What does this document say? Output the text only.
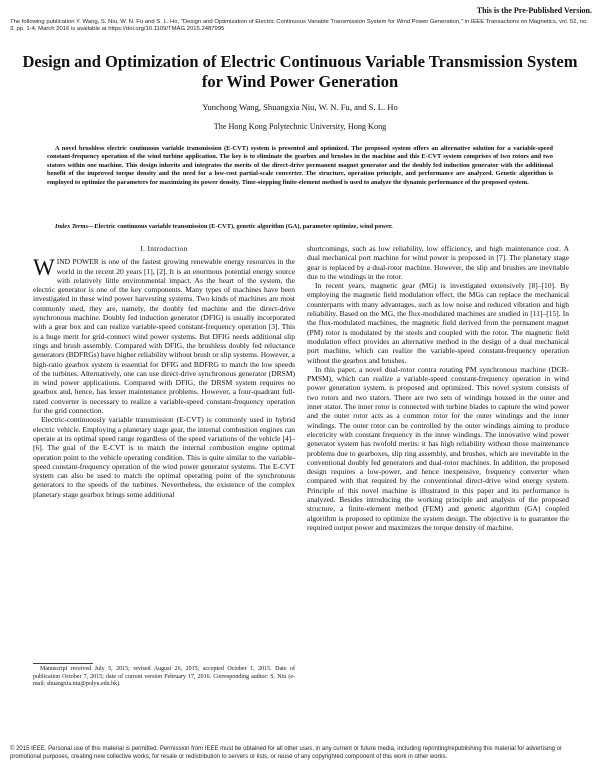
This is the Pre-Published Version.
The following publication Y. Wang, S. Niu, W. N. Fu and S. L. Ho, "Design and Optimization of Electric Continuous Variable Transmission System for Wind Power Generation," in IEEE Transactions on Magnetics, vol. 52, no. 3, pp. 1-4, March 2016 is available at https://doi.org/10.1109/TMAG.2015.2487995
Design and Optimization of Electric Continuous Variable Transmission System for Wind Power Generation
Yunchong Wang, Shuangxia Niu, W. N. Fu, and S. L. Ho
The Hong Kong Polytechnic University, Hong Kong
A novel brushless electric continuous variable transmission (E-CVT) system is presented and optimized. The proposed system offers an alternative solution for a variable-speed constant-frequency operation of the wind turbine application. The key is to eliminate the gearbox and brushes in the machine and this E-CVT system comprises of two rotors and two stators within one machine. This design inherits and integrates the merits of the direct-drive permanent magnet generator and the doubly fed induction generator with the additional benefit of the improved torque density and the need for a low-cost partial-scale converter. The structure, operation principle, and performance are analyzed. Genetic algorithm is employed to optimize the parameters for maximizing its power density. Time-stepping finite-element method is used to analyze the dynamic performance of the proposed system.
Index Terms—Electric continuous variable transmission (E-CVT), genetic algorithm (GA), parameter optimize, wind power.
I. Introduction

WIND POWER is one of the fastest growing renewable energy resources in the world in the recent 20 years [1], [2]. It is an enormous potential energy source with relatively little environmental impact. As the heart of the system, the electric generator is one of the key components. Many types of machines have been investigated in these wind power harvesting systems. Two kinds of machines are most commonly used, they are, namely, the doubly fed machine and the direct-drive synchronous machine. Doubly fed induction generator (DFIG) is usually incorporated with a gear box and can realize variable-speed constant-frequency operation [3]. This is a huge merit for grid-connect wind power systems. But DFIG needs additional slip rings and brush assembly. Compared with DFIG, the brushless doubly fed reluctance generators (BDFRGs) have higher reliability without brush or slip systems. However, a high-ratio gearbox system is essential for DFIG and BDFRG to match the low speeds of the turbines. Alternatively, one can use direct-drive synchronous generator (DRSM) in wind power applications. Compared with DFIG, the DRSM system requires no gearbox and, hence, has lesser maintenance problems. However, a four-quadrant full-rated converter is necessary to realize a variable-speed constant-frequency operation for the grid connection.

Electric-continuously variable transmission (E-CVT) is commonly used in hybrid electric vehicle. Employing a planetary stage gear, the internal combustion engines can operate at its optimal speed range regardless of the speed variations of the vehicle [4]–[6]. The goal of the E-CVT is to match the internal combustion engine optimal operation point to the vehicle operating condition. This is quite similar to the variable-speed constant-frequency operation of the wind power generator systems. The E-CVT system can also be used to match the optimal operating point of the synchronous generators to the speeds of the turbines. Nevertheless, the existence of the complex planetary stage gearbox brings some additional

Manuscript received July 5, 2015; revised August 26, 2015; accepted October 1, 2015. Date of publication October 7, 2015; date of current version February 17, 2016. Corresponding author: S. Niu (e-mail: shuangxia.niu@polyu.edu.hk).

shortcomings, such as low reliability, low efficiency, and high maintenance cost. A dual mechanical port machine for wind power is proposed in [7]. The planetary stage gear is replaced by a dual-rotor machine. However, the slip and brushes are inevitable due to the windings in the rotor.

In recent years, magnetic gear (MG) is investigated extensively [8]–[10]. By employing the magnetic field modulation effect, the MGs can replace the mechanical counterparts with many advantages, such as low noise and reduced vibration and high reliability. Based on the MG, the flux-modulated machines are studied in [11]–[15]. In the flux-modulated machines, the magnetic field derived from the permanent magnet (PM) rotor is modulated by the steels and coupled with the rotor. The magnetic field modulation effect provides an alternative method in the design of a dual mechanical port machine, which can realize the variable-speed constant-frequency operation without the gearbox and brushes.

In this paper, a novel dual-rotor contra rotating PM synchronous machine (DCR-PMSM), which can realize a variable-speed constant-frequency operation in wind power generation system, is proposed and optimized. This novel system consists of two rotors and two stators. There are two sets of windings housed in the outer and inner stator. The inner rotor is connected with turbine blades to capture the wind power and the outer rotor acts as a common rotor for the outer windings and the inner windings. The outer rotor can be controlled by the outer windings aiming to produce electricity with constant frequency in the inner windings. The innovative wind power generator system has twofold merits: it has high reliability without those maintenance problems due to gearboxes, slip ring assembly, and brushes, which are inevitable in the conventional doubly fed generators and dual-rotor machines. In addition, the proposed design requires a low-power, and hence inexpensive, frequency converter when compared with that required by the conventional direct-drive wind energy system. Principle of this novel machine is illustrated in this paper and its performance is analyzed. Besides introducing the working principle and analysis of the proposed structure, a finite-element method (FEM) and genetic algorithm (GA) coupled algorithm is proposed to optimize the system design. The objective is to guarantee the required output power and maximizes the torque density of machine.

© 2015 IEEE. Personal use of this material is permitted. Permission from IEEE must be obtained for all other uses, in any current or future media, including reprinting/republishing this material for advertising or promotional purposes, creating new collective works, for resale or redistribution to servers or lists, or reuse of any copyrighted component of this work in other works.
